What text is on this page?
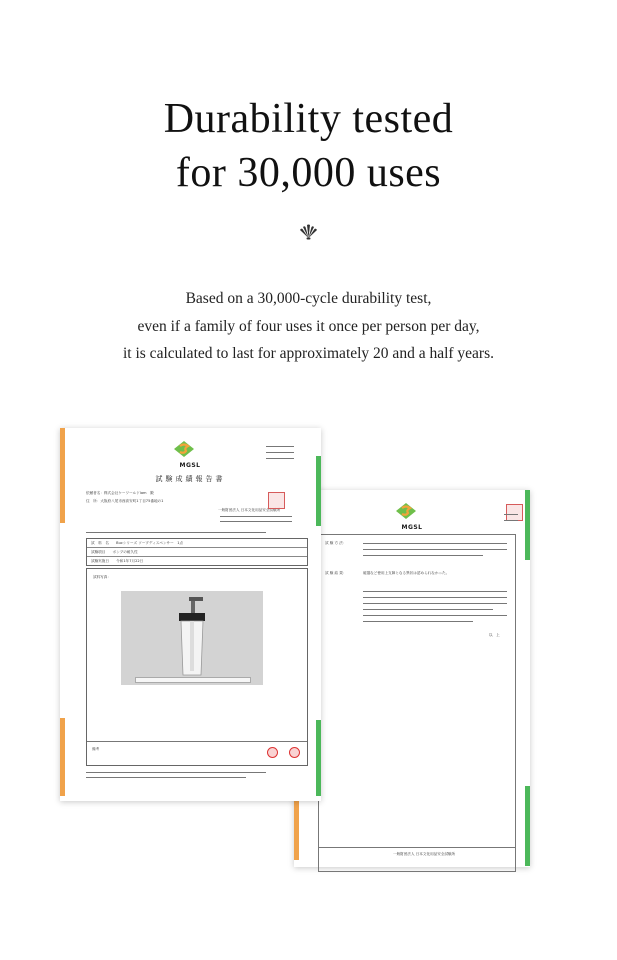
Durability tested
for 30,000 uses
Based on a 30,000-cycle durability test,
even if a family of four uses it once per person per day,
it is calculated to last for approximately 20 and a half years.
MGSL
試 験 方 法：
試 験 結 果：	破損など使用上支障となる異状は認められなかった。
以　上
一般財団法人 日本文化用品安全試験所
MGSL
試験成績報告書
依頼者名：株式会社ケーワールドlam　殿
住　所：大阪府八尾市西高安町1丁目75番地の1
一般財団法人 日本文化用品安全試験所
試　料　名　　Bucシリーズ ソープディスペンサー　1点
試験項目　　ポンプの耐久性
試験実施日　　令和1年7月22日
試料写真：
備考
